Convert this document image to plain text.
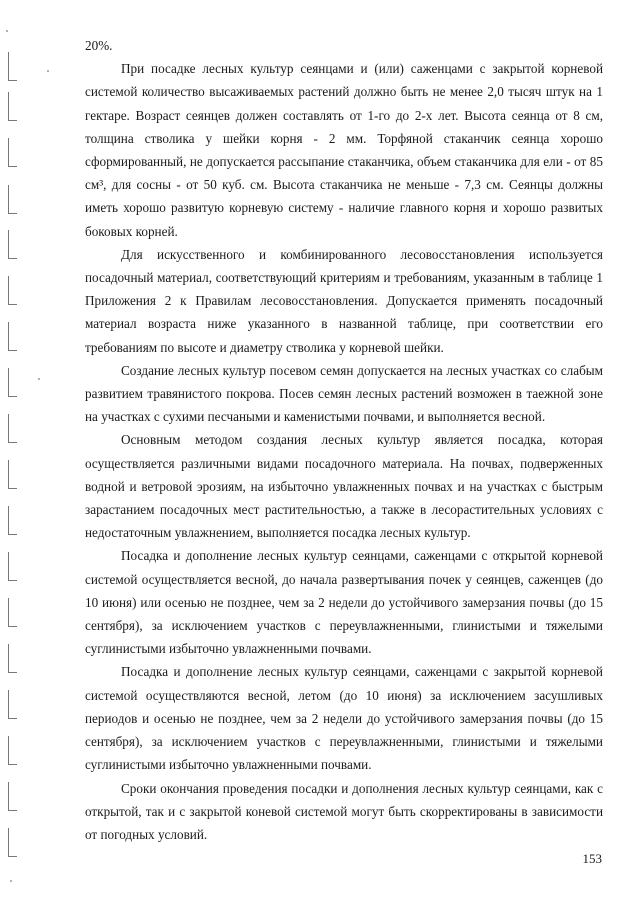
20%.

При посадке лесных культур сеянцами и (или) саженцами с закрытой корневой системой количество высаживаемых растений должно быть не менее 2,0 тысяч штук на 1 гектаре. Возраст сеянцев должен составлять от 1-го до 2-х лет. Высота сеянца от 8 см, толщина стволика у шейки корня - 2 мм. Торфяной стаканчик сеянца хорошо сформированный, не допускается рассыпание стаканчика, объем стаканчика для ели - от 85 см³, для сосны - от 50 куб. см. Высота стаканчика не меньше - 7,3 см. Сеянцы должны иметь хорошо развитую корневую систему - наличие главного корня и хорошо развитых боковых корней.

Для искусственного и комбинированного лесовосстановления используется посадочный материал, соответствующий критериям и требованиям, указанным в таблице 1 Приложения 2 к Правилам лесовосстановления. Допускается применять посадочный материал возраста ниже указанного в названной таблице, при соответствии его требованиям по высоте и диаметру стволика у корневой шейки.

Создание лесных культур посевом семян допускается на лесных участках со слабым развитием травянистого покрова. Посев семян лесных растений возможен в таежной зоне на участках с сухими песчаными и каменистыми почвами, и выполняется весной.

Основным методом создания лесных культур является посадка, которая осуществляется различными видами посадочного материала. На почвах, подверженных водной и ветровой эрозиям, на избыточно увлажненных почвах и на участках с быстрым зарастанием посадочных мест растительностью, а также в лесорастительных условиях с недостаточным увлажнением, выполняется посадка лесных культур.

Посадка и дополнение лесных культур сеянцами, саженцами с открытой корневой системой осуществляется весной, до начала развертывания почек у сеянцев, саженцев (до 10 июня) или осенью не позднее, чем за 2 недели до устойчивого замерзания почвы (до 15 сентября), за исключением участков с переувлажненными, глинистыми и тяжелыми суглинистыми избыточно увлажненными почвами.

Посадка и дополнение лесных культур сеянцами, саженцами с закрытой корневой системой осуществляются весной, летом (до 10 июня) за исключением засушливых периодов и осенью не позднее, чем за 2 недели до устойчивого замерзания почвы (до 15 сентября), за исключением участков с переувлажненными, глинистыми и тяжелыми суглинистыми избыточно увлажненными почвами.

Сроки окончания проведения посадки и дополнения лесных культур сеянцами, как с открытой, так и с закрытой коневой системой могут быть скорректированы в зависимости от погодных условий.

153
